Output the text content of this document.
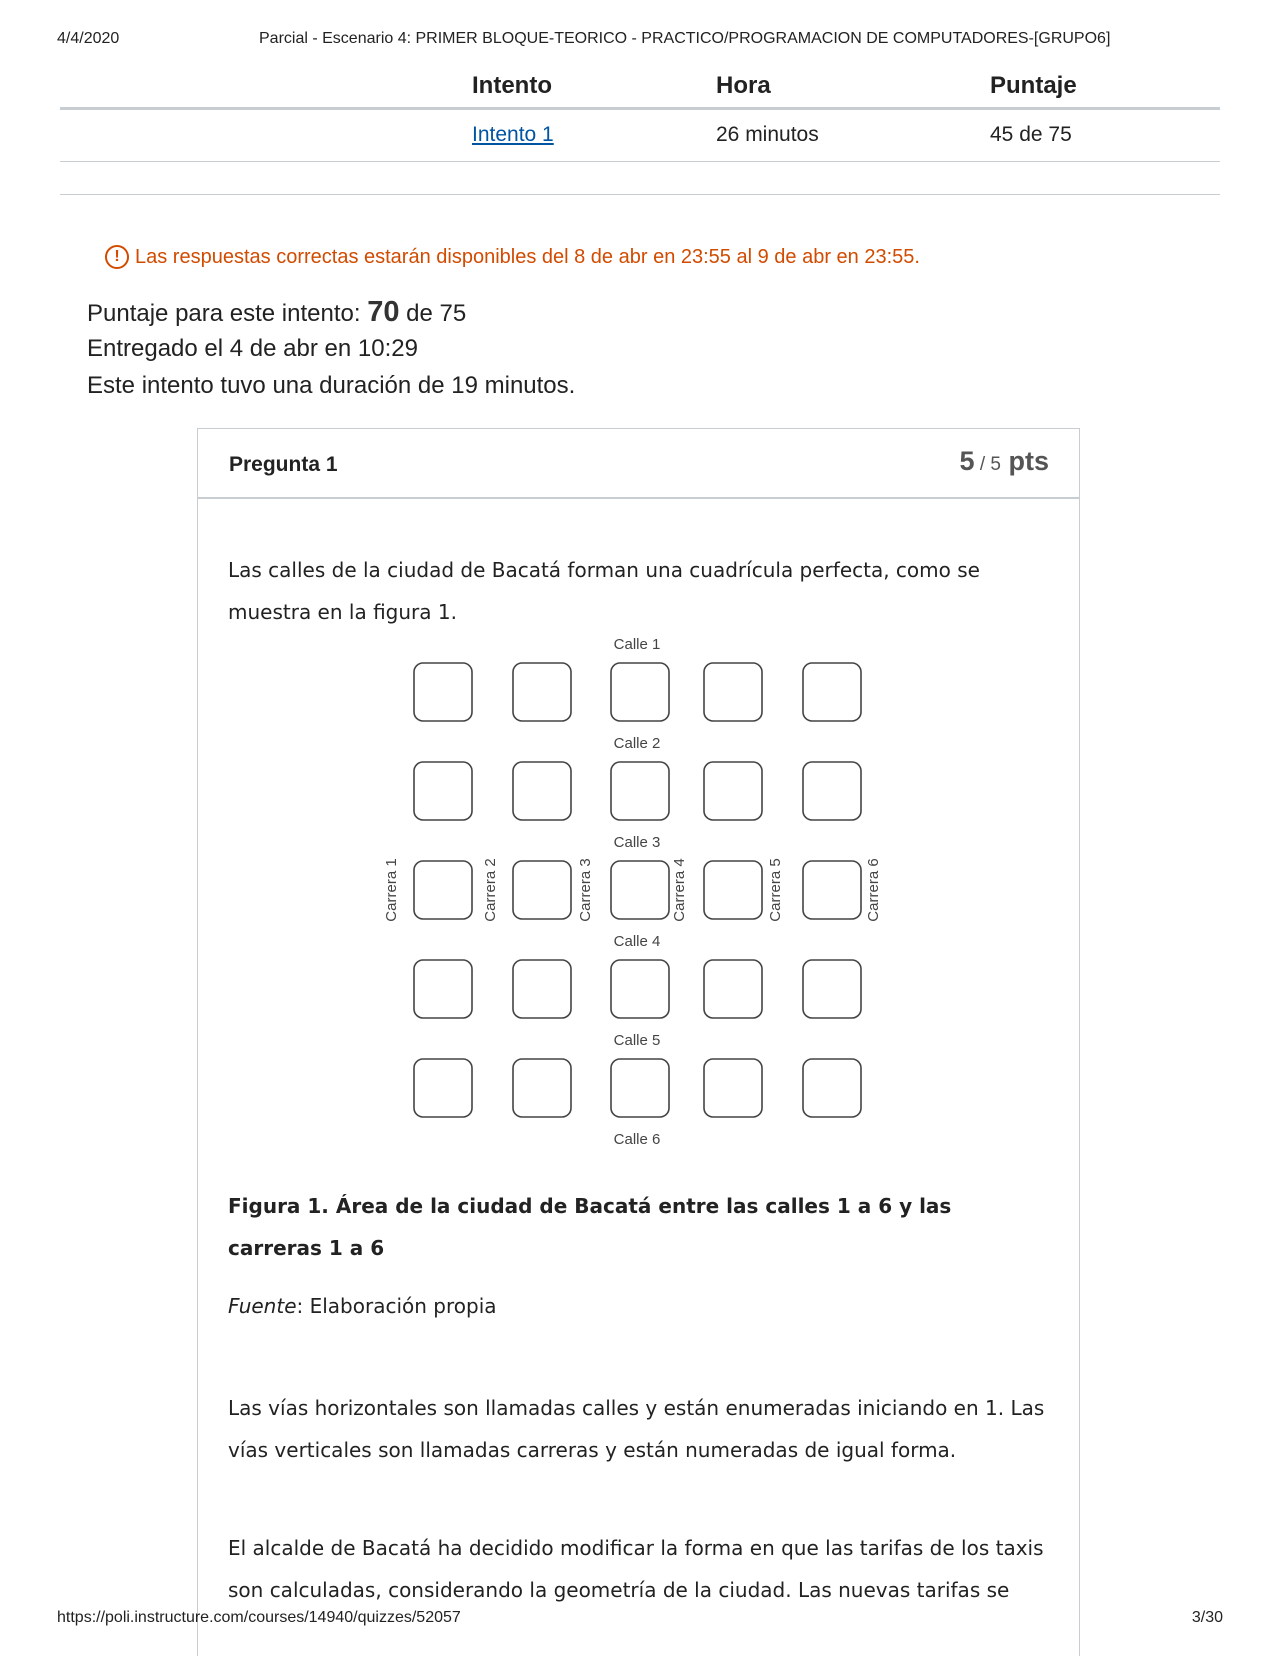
4/4/2020	Parcial - Escenario 4: PRIMER BLOQUE-TEORICO - PRACTICO/PROGRAMACION DE COMPUTADORES-[GRUPO6]
Intento	Hora	Puntaje
Intento 1	26 minutos	45 de 75
! Las respuestas correctas estarán disponibles del 8 de abr en 23:55 al 9 de abr en 23:55.
Puntaje para este intento: 70 de 75
Entregado el 4 de abr en 10:29
Este intento tuvo una duración de 19 minutos.
Pregunta 1	5 / 5 pts

Las calles de la ciudad de Bacatá forman una cuadrícula perfecta, como se muestra en la figura 1.

Calle 1
Calle 2
Calle 3
Calle 4
Calle 5
Calle 6
Carrera 1	Carrera 2	Carrera 3	Carrera 4	Carrera 5	Carrera 6

Figura 1. Área de la ciudad de Bacatá entre las calles 1 a 6 y las carreras 1 a 6

Fuente: Elaboración propia

Las vías horizontales son llamadas calles y están enumeradas iniciando en 1. Las vías verticales son llamadas carreras y están numeradas de igual forma.

El alcalde de Bacatá ha decidido modificar la forma en que las tarifas de los taxis son calculadas, considerando la geometría de la ciudad. Las nuevas tarifas se

https://poli.instructure.com/courses/14940/quizzes/52057	3/30
